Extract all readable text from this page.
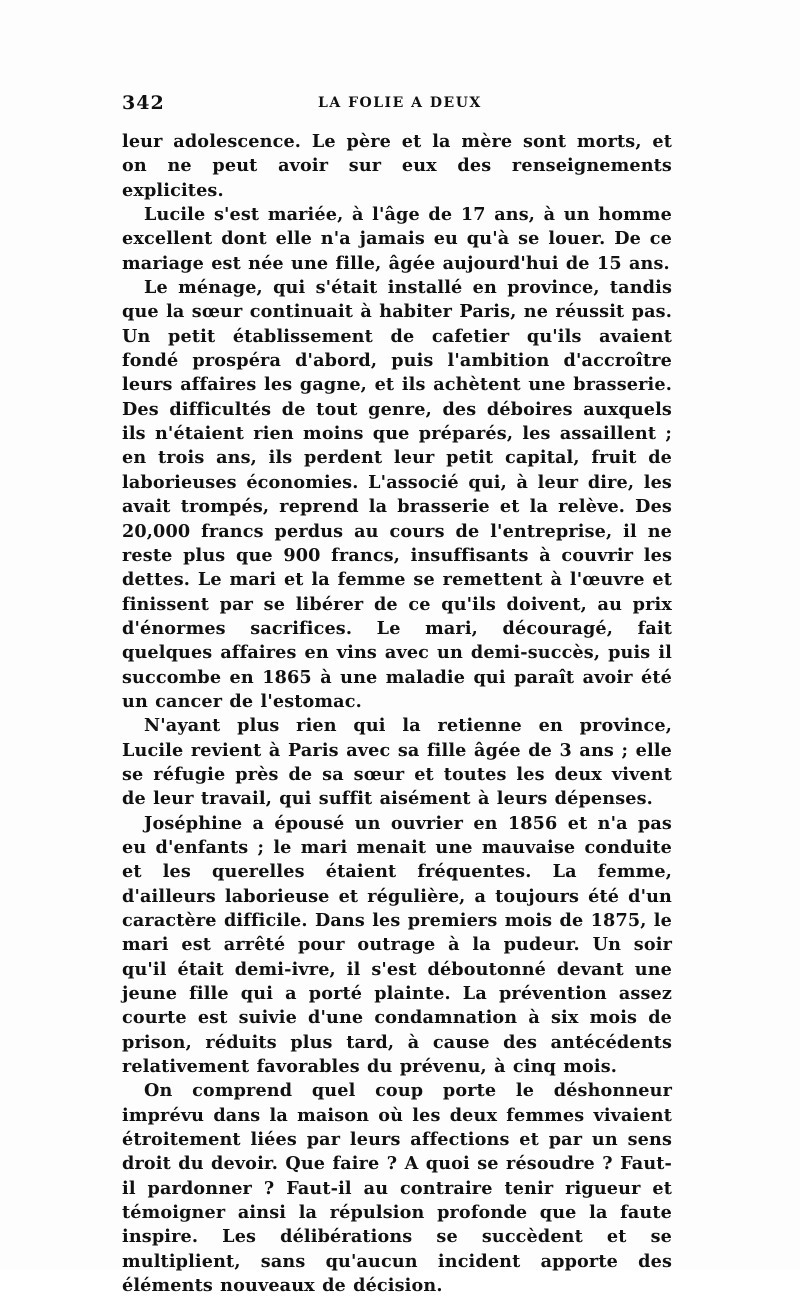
342	LA FOLIE A DEUX

leur adolescence. Le père et la mère sont morts, et on ne peut avoir sur eux des renseignements explicites.

Lucile s'est mariée, à l'âge de 17 ans, à un homme excellent dont elle n'a jamais eu qu'à se louer. De ce mariage est née une fille, âgée aujourd'hui de 15 ans.

Le ménage, qui s'était installé en province, tandis que la sœur continuait à habiter Paris, ne réussit pas. Un petit établissement de cafetier qu'ils avaient fondé prospéra d'abord, puis l'ambition d'accroître leurs affaires les gagne, et ils achètent une brasserie. Des difficultés de tout genre, des déboires auxquels ils n'étaient rien moins que préparés, les assaillent ; en trois ans, ils perdent leur petit capital, fruit de laborieuses économies. L'associé qui, à leur dire, les avait trompés, reprend la brasserie et la relève. Des 20,000 francs perdus au cours de l'entreprise, il ne reste plus que 900 francs, insuffisants à couvrir les dettes. Le mari et la femme se remettent à l'œuvre et finissent par se libérer de ce qu'ils doivent, au prix d'énormes sacrifices. Le mari, découragé, fait quelques affaires en vins avec un demi-succès, puis il succombe en 1865 à une maladie qui paraît avoir été un cancer de l'estomac.

N'ayant plus rien qui la retienne en province, Lucile revient à Paris avec sa fille âgée de 3 ans ; elle se réfugie près de sa sœur et toutes les deux vivent de leur travail, qui suffit aisément à leurs dépenses.

Joséphine a épousé un ouvrier en 1856 et n'a pas eu d'enfants ; le mari menait une mauvaise conduite et les querelles étaient fréquentes. La femme, d'ailleurs laborieuse et régulière, a toujours été d'un caractère difficile. Dans les premiers mois de 1875, le mari est arrêté pour outrage à la pudeur. Un soir qu'il était demi-ivre, il s'est déboutonné devant une jeune fille qui a porté plainte. La prévention assez courte est suivie d'une condamnation à six mois de prison, réduits plus tard, à cause des antécédents relativement favorables du prévenu, à cinq mois.

On comprend quel coup porte le déshonneur imprévu dans la maison où les deux femmes vivaient étroitement liées par leurs affections et par un sens droit du devoir. Que faire ? A quoi se résoudre ? Faut-il pardonner ? Faut-il au contraire tenir rigueur et témoigner ainsi la répulsion profonde que la faute inspire. Les délibérations se succèdent et se multiplient, sans qu'aucun incident apporte des éléments nouveaux de décision.
